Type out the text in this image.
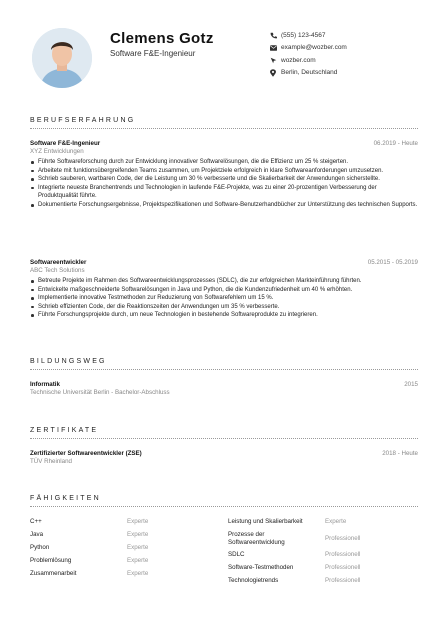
Clemens Gotz
Software F&E-Ingenieur
(555) 123-4567
example@wozber.com
wozber.com
Berlin, Deutschland
BERUFSERFAHRUNG
Software F&E-Ingenieur	06.2019 - Heute
XYZ Entwicklungen
Führte Softwareforschung durch zur Entwicklung innovativer Softwarelösungen, die die Effizienz um 25 % steigerten.
Arbeitete mit funktionsübergreifenden Teams zusammen, um Projektziele erfolgreich in klare Softwareanforderungen umzusetzen.
Schrieb sauberen, wartbaren Code, der die Leistung um 30 % verbesserte und die Skalierbarkeit der Anwendungen sicherstellte.
Integrierte neueste Branchentrends und Technologien in laufende F&E-Projekte, was zu einer 20-prozentigen Verbesserung der Produktqualität führte.
Dokumentierte Forschungsergebnisse, Projektspezifikationen und Software-Benutzerhandbücher zur Unterstützung des technischen Supports.
Softwareentwickler	05.2015 - 05.2019
ABC Tech Solutions
Betreute Projekte im Rahmen des Softwareentwicklungsprozesses (SDLC), die zur erfolgreichen Markteinführung führten.
Entwickelte maßgeschneiderte Softwarelösungen in Java und Python, die die Kundenzufriedenheit um 40 % erhöhten.
Implementierte innovative Testmethoden zur Reduzierung von Softwarefehlern um 15 %.
Schrieb effizienten Code, der die Reaktionszeiten der Anwendungen um 35 % verbesserte.
Führte Forschungsprojekte durch, um neue Technologien in bestehende Softwareprodukte zu integrieren.
BILDUNGSWEG
Informatik	2015
Technische Universität Berlin - Bachelor-Abschluss
ZERTIFIKATE
Zertifizierter Softwareentwickler (ZSE)	2018 - Heute
TÜV Rheinland
FÄHIGKEITEN
C++	Experte
Java	Experte
Python	Experte
Problemlösung	Experte
Zusammenarbeit	Experte
Leistung und Skalierbarkeit	Experte
Prozesse der Softwareentwicklung	Professionell
SDLC	Professionell
Software-Testmethoden	Professionell
Technologietrends	Professionell
